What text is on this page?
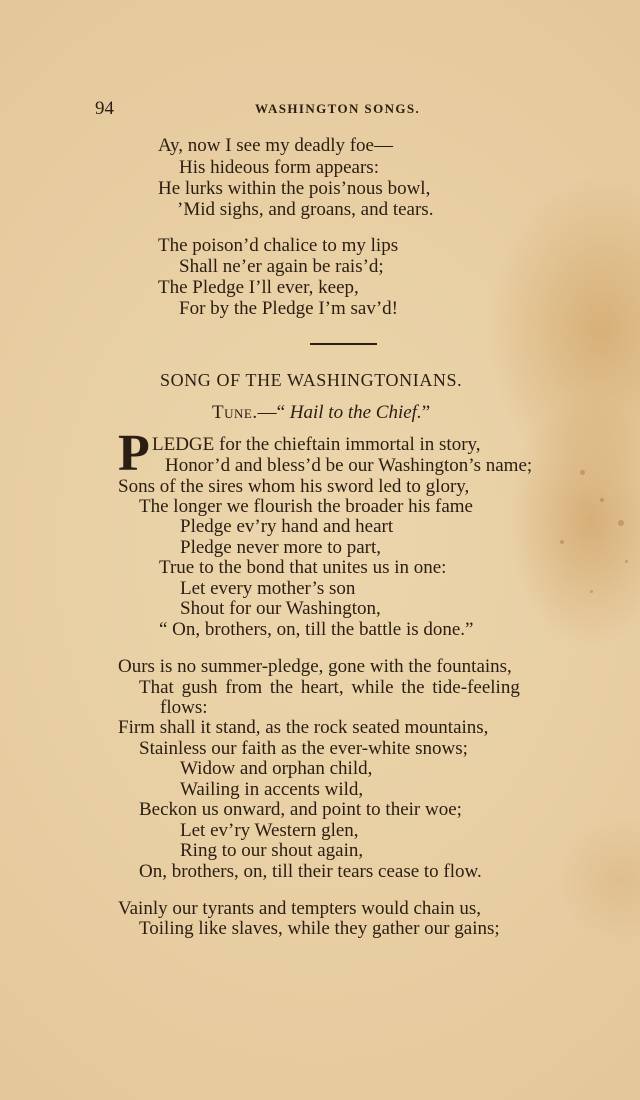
94	WASHINGTON SONGS.
Ay, now I see my deadly foe—
His hideous form appears:
He lurks within the pois’nous bowl,
’Mid sighs, and groans, and tears.
The poison’d chalice to my lips
Shall ne’er again be rais’d;
The Pledge I’ll ever, keep,
For by the Pledge I’m sav’d!
SONG OF THE WASHINGTONIANS.
Tune.—“ Hail to the Chief.”
P LEDGE for the chieftain immortal in story,
Honor’d and bless’d be our Washington’s name;
Sons of the sires whom his sword led to glory,
The longer we flourish the broader his fame
Pledge ev’ry hand and heart
Pledge never more to part,
True to the bond that unites us in one:
Let every mother’s son
Shout for our Washington,
“ On, brothers, on, till the battle is done.”
Ours is no summer-pledge, gone with the fountains,
That gush from the heart, while the tide-feeling
flows:
Firm shall it stand, as the rock seated mountains,
Stainless our faith as the ever-white snows;
Widow and orphan child,
Wailing in accents wild,
Beckon us onward, and point to their woe;
Let ev’ry Western glen,
Ring to our shout again,
On, brothers, on, till their tears cease to flow.
Vainly our tyrants and tempters would chain us,
Toiling like slaves, while they gather our gains;
